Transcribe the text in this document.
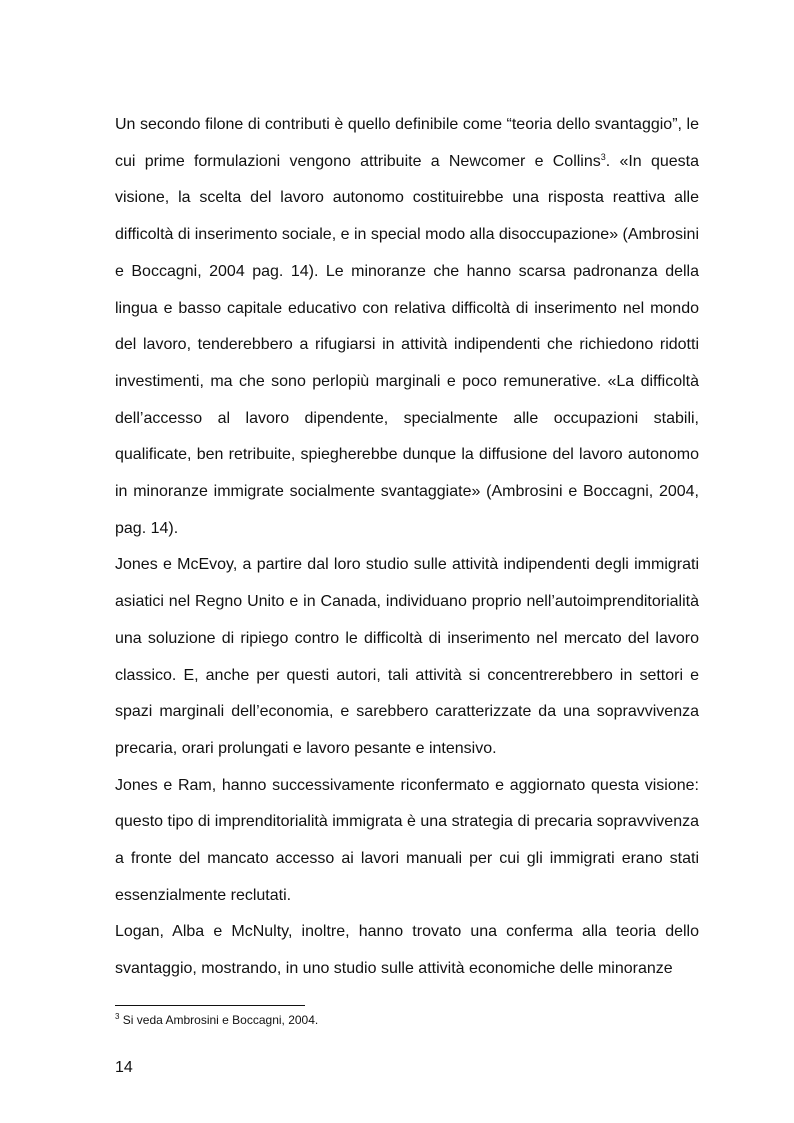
Un secondo filone di contributi è quello definibile come “teoria dello svantaggio”, le cui prime formulazioni vengono attribuite a Newcomer e Collins$^3$. «In questa visione, la scelta del lavoro autonomo costituirebbe una risposta reattiva alle difficoltà di inserimento sociale, e in special modo alla disoccupazione» (Ambrosini e Boccagni, 2004 pag. 14). Le minoranze che hanno scarsa padronanza della lingua e basso capitale educativo con relativa difficoltà di inserimento nel mondo del lavoro, tenderebbero a rifugiarsi in attività indipendenti che richiedono ridotti investimenti, ma che sono perlopiù marginali e poco remunerative. «La difficoltà dell’accesso al lavoro dipendente, specialmente alle occupazioni stabili, qualificate, ben retribuite, spiegherebbe dunque la diffusione del lavoro autonomo in minoranze immigrate socialmente svantaggiate» (Ambrosini e Boccagni, 2004, pag. 14).

Jones e McEvoy, a partire dal loro studio sulle attività indipendenti degli immigrati asiatici nel Regno Unito e in Canada, individuano proprio nell’autoimprenditorialità una soluzione di ripiego contro le difficoltà di inserimento nel mercato del lavoro classico. E, anche per questi autori, tali attività si concentrerebbero in settori e spazi marginali dell’economia, e sarebbero caratterizzate da una sopravvivenza precaria, orari prolungati e lavoro pesante e intensivo.

Jones e Ram, hanno successivamente riconfermato e aggiornato questa visione: questo tipo di imprenditorialità immigrata è una strategia di precaria sopravvivenza a fronte del mancato accesso ai lavori manuali per cui gli immigrati erano stati essenzialmente reclutati.

Logan, Alba e McNulty, inoltre, hanno trovato una conferma alla teoria dello svantaggio, mostrando, in uno studio sulle attività economiche delle minoranze

$^3$ Si veda Ambrosini e Boccagni, 2004.

14
